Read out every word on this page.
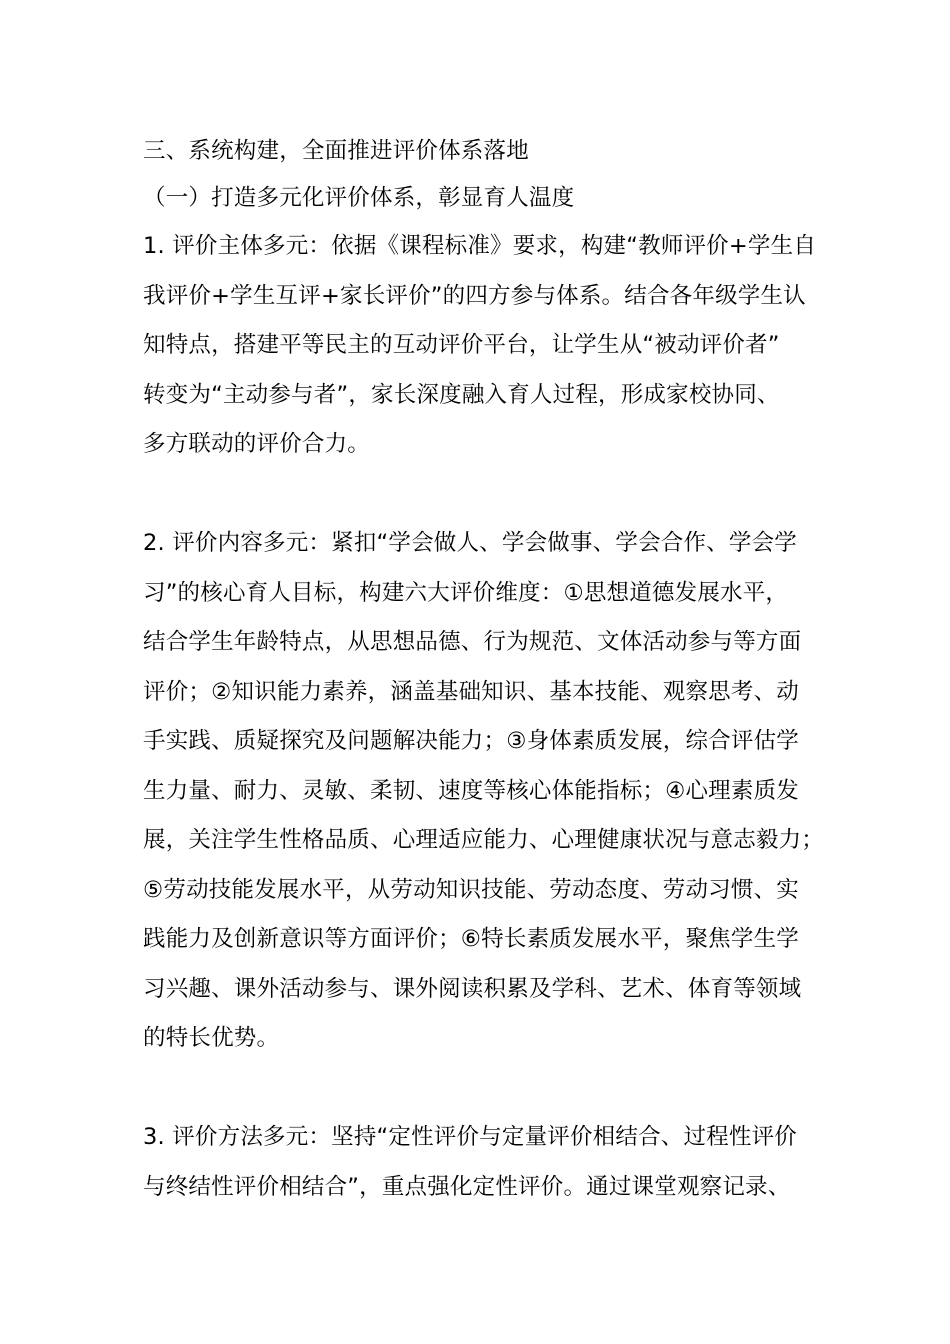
三、系统构建，全面推进评价体系落地
（一）打造多元化评价体系，彰显育人温度
1. 评价主体多元：依据《课程标准》要求，构建“教师评价+学生自
我评价+学生互评+家长评价”的四方参与体系。结合各年级学生认
知特点，搭建平等民主的互动评价平台，让学生从“被动评价者”
转变为“主动参与者”，家长深度融入育人过程，形成家校协同、
多方联动的评价合力。
2. 评价内容多元：紧扣“学会做人、学会做事、学会合作、学会学
习”的核心育人目标，构建六大评价维度：①思想道德发展水平，
结合学生年龄特点，从思想品德、行为规范、文体活动参与等方面
评价；②知识能力素养，涵盖基础知识、基本技能、观察思考、动
手实践、质疑探究及问题解决能力；③身体素质发展，综合评估学
生力量、耐力、灵敏、柔韧、速度等核心体能指标；④心理素质发
展，关注学生性格品质、心理适应能力、心理健康状况与意志毅力；
⑤劳动技能发展水平，从劳动知识技能、劳动态度、劳动习惯、实
践能力及创新意识等方面评价；⑥特长素质发展水平，聚焦学生学
习兴趣、课外活动参与、课外阅读积累及学科、艺术、体育等领域
的特长优势。
3. 评价方法多元：坚持“定性评价与定量评价相结合、过程性评价
与终结性评价相结合”，重点强化定性评价。通过课堂观察记录、
